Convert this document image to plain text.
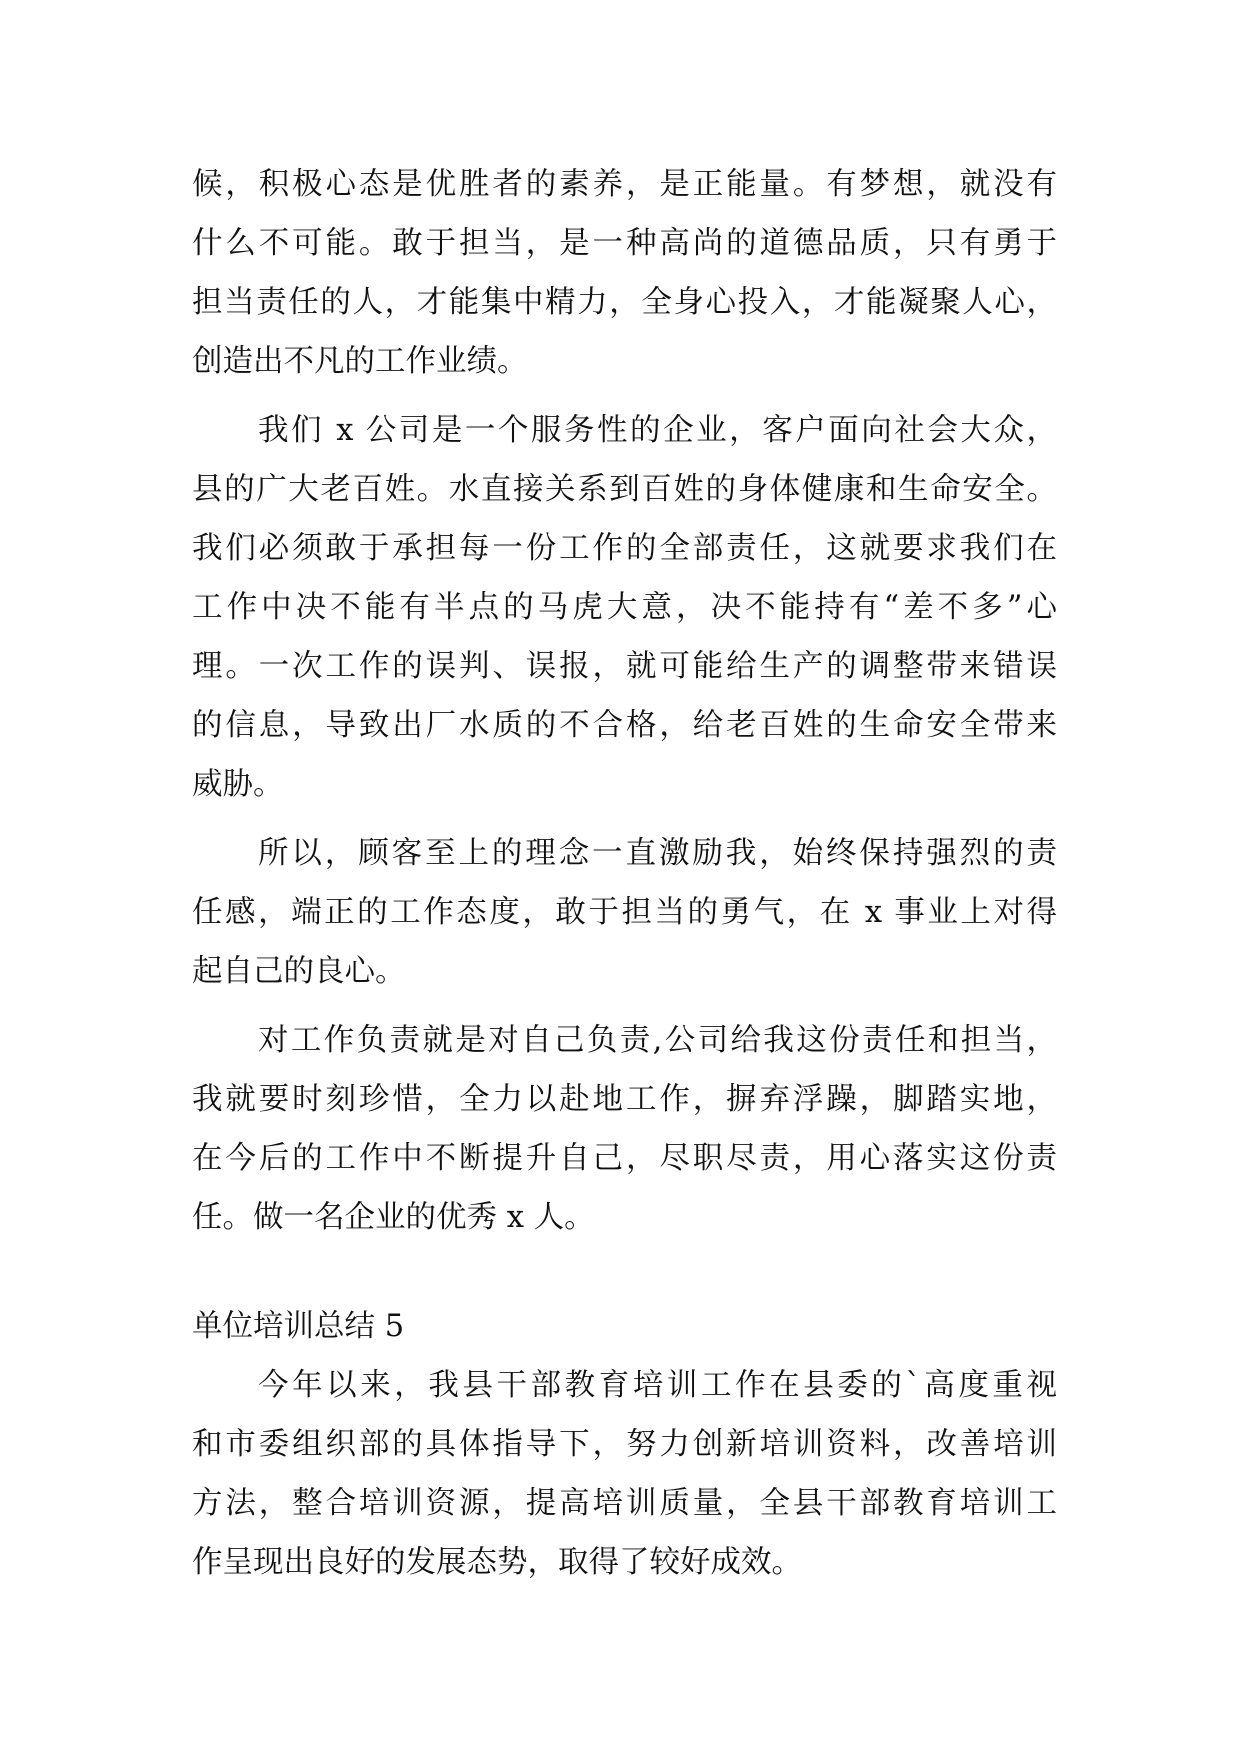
候，积极心态是优胜者的素养，是正能量。有梦想，就没有
什么不可能。敢于担当，是一种高尚的道德品质，只有勇于
担当责任的人，才能集中精力，全身心投入，才能凝聚人心，
创造出不凡的工作业绩。
我们 x 公司是一个服务性的企业，客户面向社会大众，
县的广大老百姓。水直接关系到百姓的身体健康和生命安全。
我们必须敢于承担每一份工作的全部责任，这就要求我们在
工作中决不能有半点的马虎大意，决不能持有“差不多”心
理。一次工作的误判、误报，就可能给生产的调整带来错误
的信息，导致出厂水质的不合格，给老百姓的生命安全带来
威胁。
所以，顾客至上的理念一直激励我，始终保持强烈的责
任感，端正的工作态度，敢于担当的勇气，在 x 事业上对得
起自己的良心。
对工作负责就是对自己负责,公司给我这份责任和担当，
我就要时刻珍惜，全力以赴地工作，摒弃浮躁，脚踏实地，
在今后的工作中不断提升自己，尽职尽责，用心落实这份责
任。做一名企业的优秀 x 人。
单位培训总结 5
今年以来，我县干部教育培训工作在县委的`高度重视
和市委组织部的具体指导下，努力创新培训资料，改善培训
方法，整合培训资源，提高培训质量，全县干部教育培训工
作呈现出良好的发展态势，取得了较好成效。
